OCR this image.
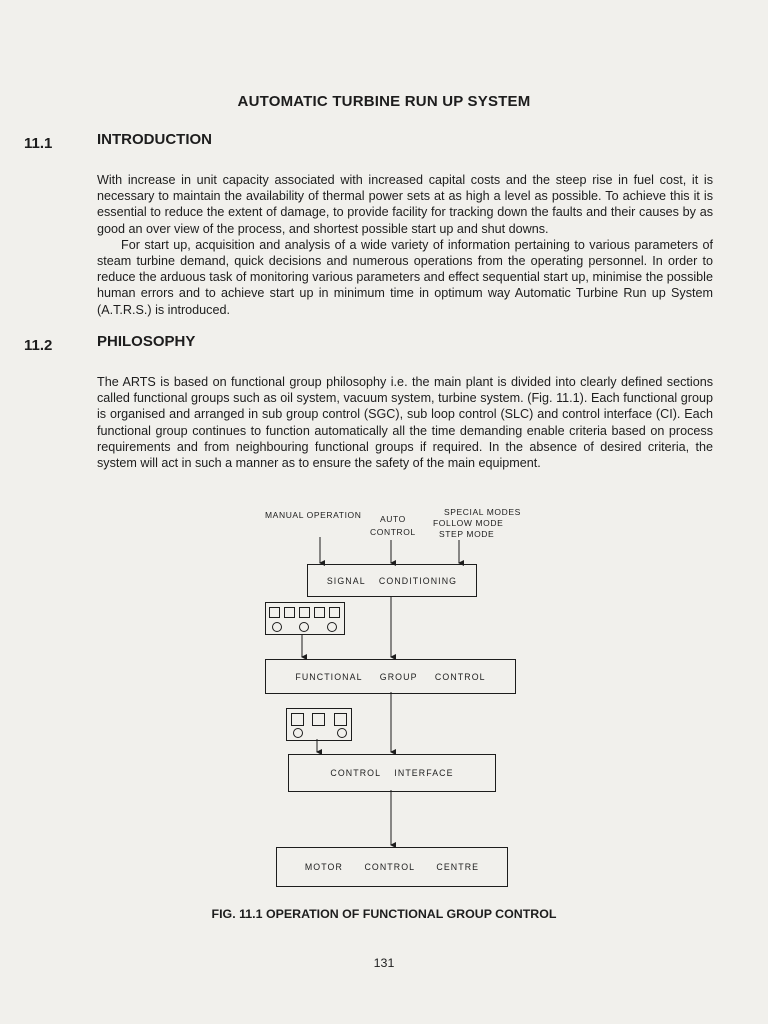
AUTOMATIC TURBINE RUN UP SYSTEM
11.1	INTRODUCTION

With increase in unit capacity associated with increased capital costs and the steep rise in fuel cost, it is necessary to maintain the availability of thermal power sets at as high a level as possible. To achieve this it is essential to reduce the extent of damage, to provide facility for tracking down the faults and their causes by as good an over view of the process, and shortest possible start up and shut downs.

For start up, acquisition and analysis of a wide variety of information pertaining to various parameters of steam turbine demand, quick decisions and numerous operations from the operating personnel. In order to reduce the arduous task of monitoring various parameters and effect sequential start up, minimise the possible human errors and to achieve start up in minimum time in optimum way Automatic Turbine Run up System (A.T.R.S.) is introduced.

11.2	PHILOSOPHY

The ARTS is based on functional group philosophy i.e. the main plant is divided into clearly defined sections called functional groups such as oil system, vacuum system, turbine system. (Fig. 11.1). Each functional group is organised and arranged in sub group control (SGC), sub loop control (SLC) and control interface (CI). Each functional group continues to function automatically all the time demanding enable criteria based on process requirements and from neighbouring functional groups if required. In the absence of desired criteria, the system will act in such a manner as to ensure the safety of the main equipment.

MANUAL OPERATION AUTO
CONTROL
SPECIAL MODES
FOLLOW MODE
STEP MODE
SIGNAL CONDITIONING
FUNCTIONAL GROUP CONTROL
CONTROL INTERFACE
MOTOR CONTROL CENTRE
FIG. 11.1 OPERATION OF FUNCTIONAL GROUP CONTROL
131
